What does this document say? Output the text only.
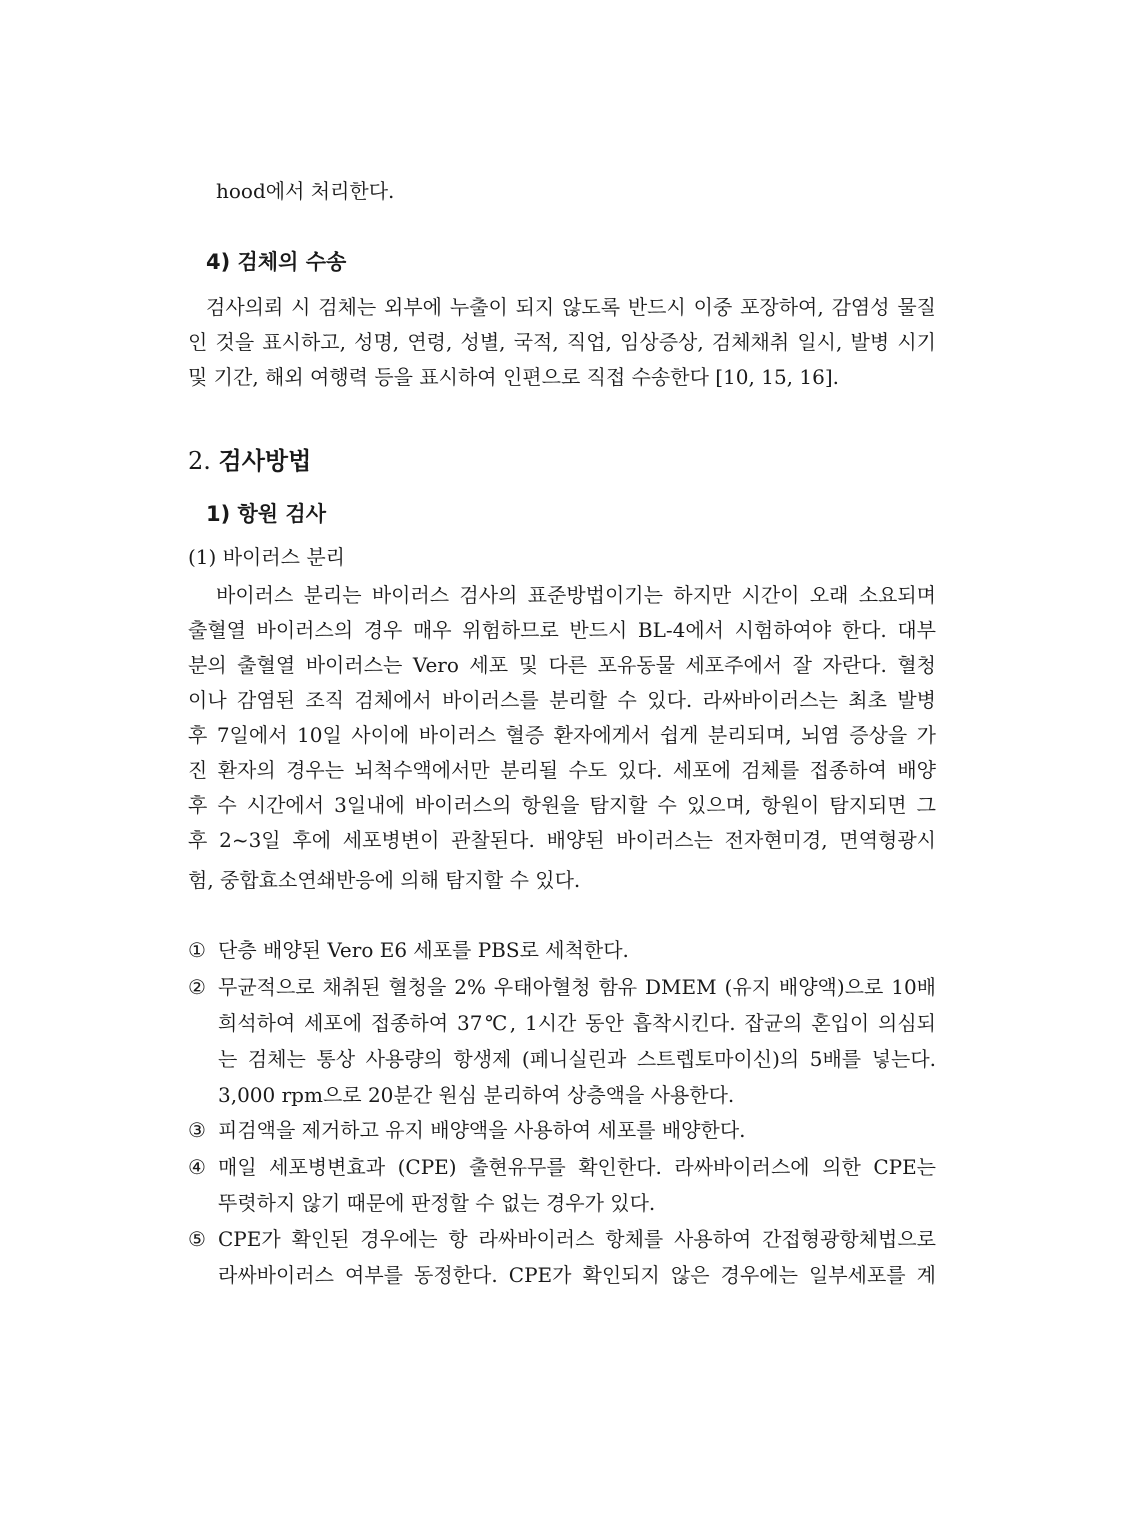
hood에서 처리한다.
4) 검체의 수송
검사의뢰 시 검체는 외부에 누출이 되지 않도록 반드시 이중 포장하여, 감염성 물질
인 것을 표시하고, 성명, 연령, 성별, 국적, 직업, 임상증상, 검체채취 일시, 발병 시기
및 기간, 해외 여행력 등을 표시하여 인편으로 직접 수송한다 [10, 15, 16].
2. 검사방법
1) 항원 검사
(1) 바이러스 분리
바이러스 분리는 바이러스 검사의 표준방법이기는 하지만 시간이 오래 소요되며
출혈열 바이러스의 경우 매우 위험하므로 반드시 BL-4에서 시험하여야 한다. 대부
분의 출혈열 바이러스는 Vero 세포 및 다른 포유동물 세포주에서 잘 자란다. 혈청
이나 감염된 조직 검체에서 바이러스를 분리할 수 있다. 라싸바이러스는 최초 발병
후 7일에서 10일 사이에 바이러스 혈증 환자에게서 쉽게 분리되며, 뇌염 증상을 가
진 환자의 경우는 뇌척수액에서만 분리될 수도 있다. 세포에 검체를 접종하여 배양
후 수 시간에서 3일내에 바이러스의 항원을 탐지할 수 있으며, 항원이 탐지되면 그
후 2~3일 후에 세포병변이 관찰된다. 배양된 바이러스는 전자현미경, 면역형광시
험, 중합효소연쇄반응에 의해 탐지할 수 있다.
① 단층 배양된 Vero E6 세포를 PBS로 세척한다.
② 무균적으로 채취된 혈청을 2% 우태아혈청 함유 DMEM (유지 배양액)으로 10배
희석하여 세포에 접종하여 37℃, 1시간 동안 흡착시킨다. 잡균의 혼입이 의심되
는 검체는 통상 사용량의 항생제 (페니실린과 스트렙토마이신)의 5배를 넣는다.
3,000 rpm으로 20분간 원심 분리하여 상층액을 사용한다.
③ 피검액을 제거하고 유지 배양액을 사용하여 세포를 배양한다.
④ 매일 세포병변효과 (CPE) 출현유무를 확인한다. 라싸바이러스에 의한 CPE는
뚜렷하지 않기 때문에 판정할 수 없는 경우가 있다.
⑤ CPE가 확인된 경우에는 항 라싸바이러스 항체를 사용하여 간접형광항체법으로
라싸바이러스 여부를 동정한다. CPE가 확인되지 않은 경우에는 일부세포를 계
